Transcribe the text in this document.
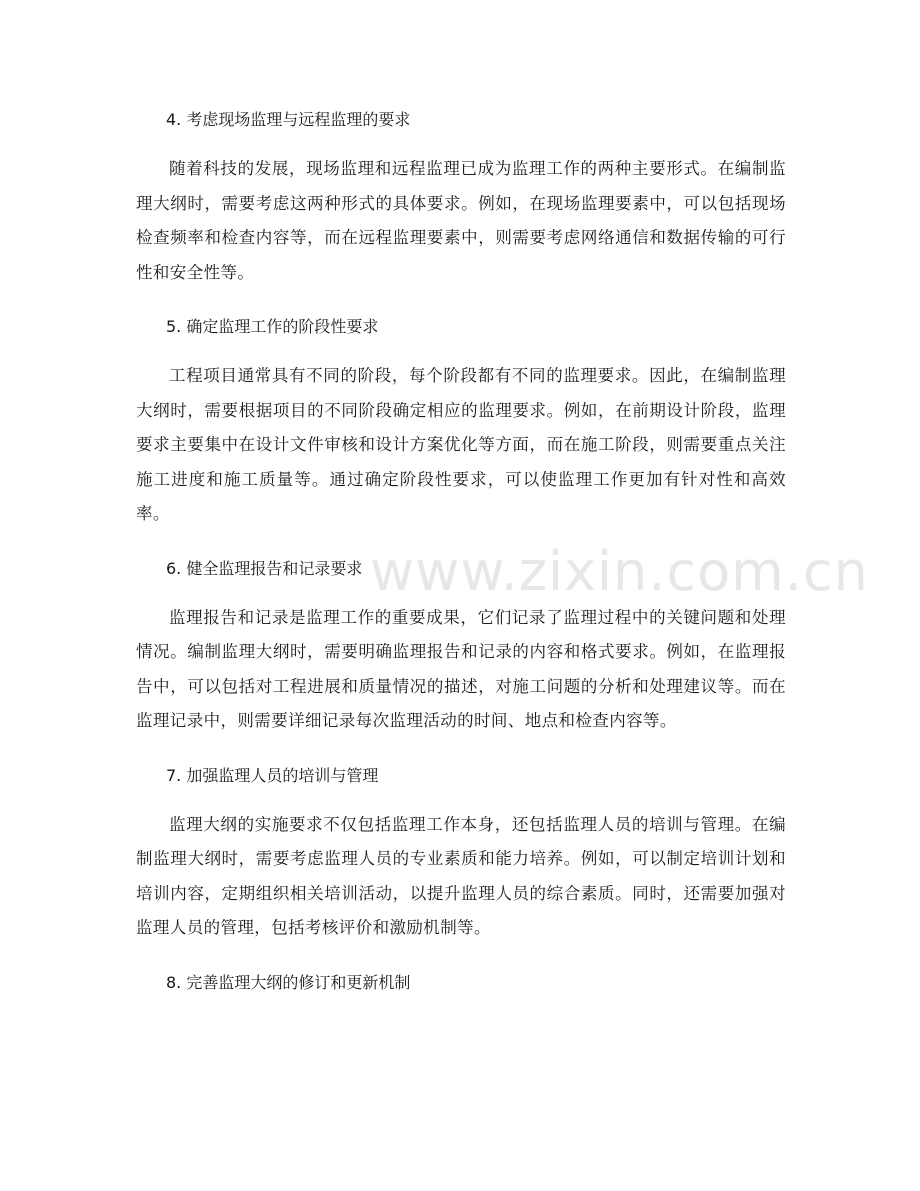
4. 考虑现场监理与远程监理的要求

随着科技的发展，现场监理和远程监理已成为监理工作的两种主要形式。在编制监理大纲时，需要考虑这两种形式的具体要求。例如，在现场监理要素中，可以包括现场检查频率和检查内容等，而在远程监理要素中，则需要考虑网络通信和数据传输的可行性和安全性等。

5. 确定监理工作的阶段性要求

工程项目通常具有不同的阶段，每个阶段都有不同的监理要求。因此，在编制监理大纲时，需要根据项目的不同阶段确定相应的监理要求。例如，在前期设计阶段，监理要求主要集中在设计文件审核和设计方案优化等方面，而在施工阶段，则需要重点关注施工进度和施工质量等。通过确定阶段性要求，可以使监理工作更加有针对性和高效率。

6. 健全监理报告和记录要求

监理报告和记录是监理工作的重要成果，它们记录了监理过程中的关键问题和处理情况。编制监理大纲时，需要明确监理报告和记录的内容和格式要求。例如，在监理报告中，可以包括对工程进展和质量情况的描述，对施工问题的分析和处理建议等。而在监理记录中，则需要详细记录每次监理活动的时间、地点和检查内容等。

7. 加强监理人员的培训与管理

监理大纲的实施要求不仅包括监理工作本身，还包括监理人员的培训与管理。在编制监理大纲时，需要考虑监理人员的专业素质和能力培养。例如，可以制定培训计划和培训内容，定期组织相关培训活动，以提升监理人员的综合素质。同时，还需要加强对监理人员的管理，包括考核评价和激励机制等。

8. 完善监理大纲的修订和更新机制
www.zixin.com.cn
